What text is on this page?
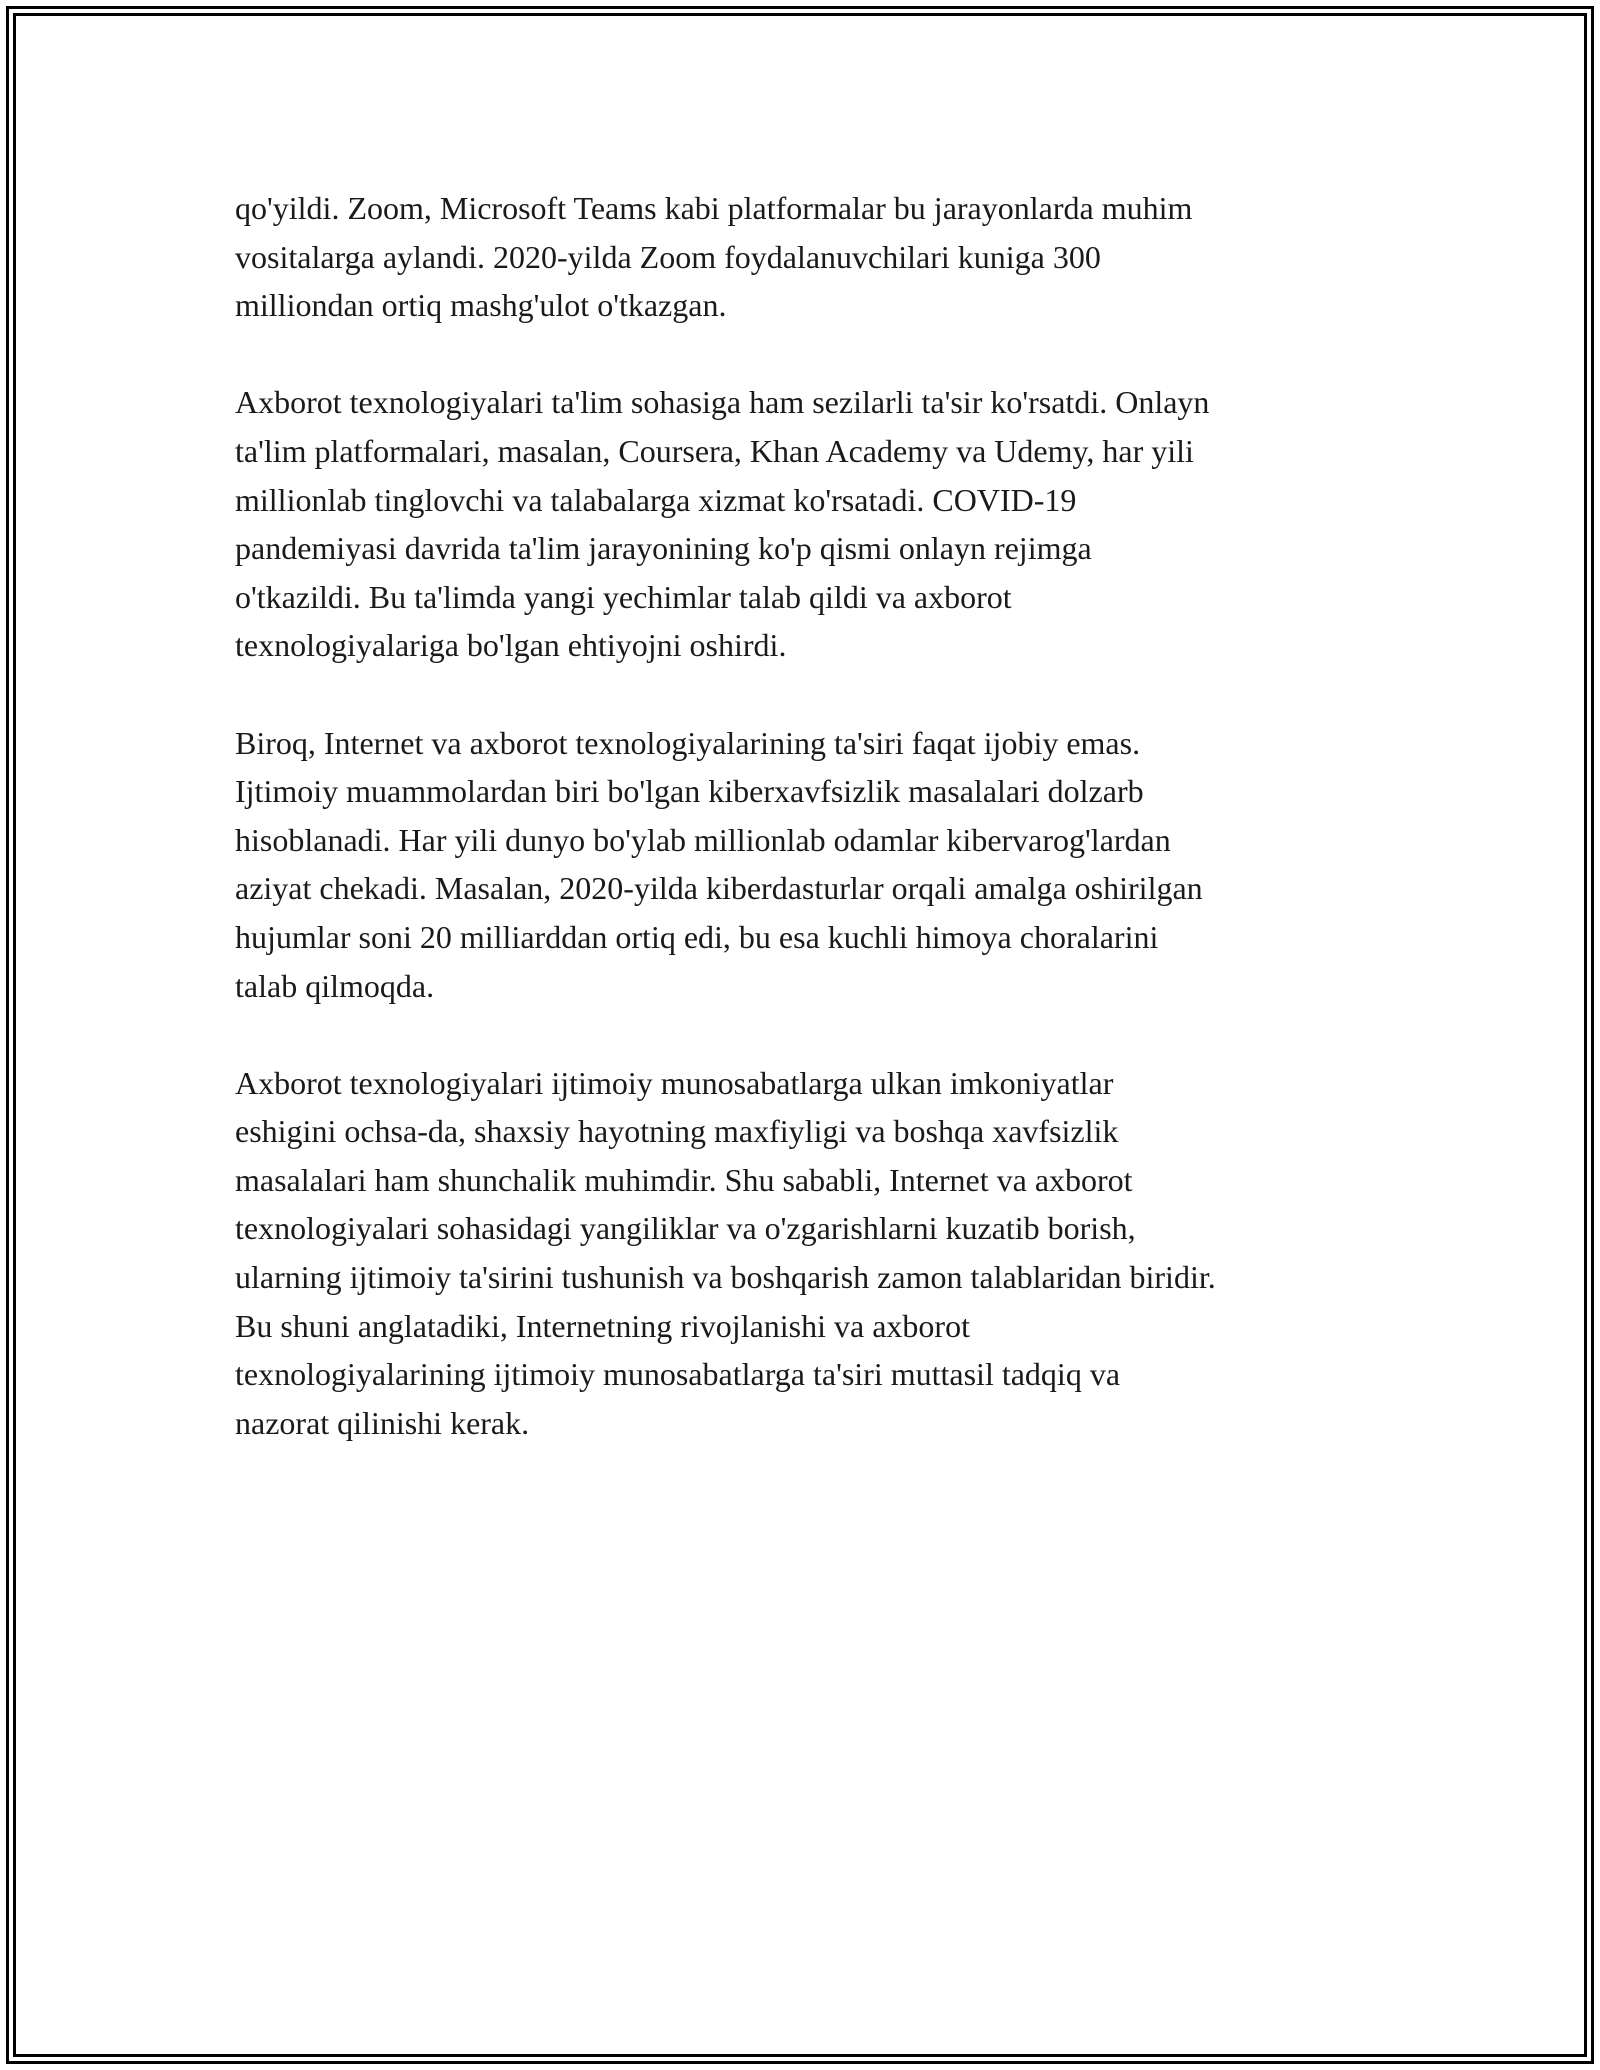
qo'yildi. Zoom, Microsoft Teams kabi platformalar bu jarayonlarda muhim
vositalarga aylandi. 2020-yilda Zoom foydalanuvchilari kuniga 300
milliondan ortiq mashg'ulot o'tkazgan.

Axborot texnologiyalari ta'lim sohasiga ham sezilarli ta'sir ko'rsatdi. Onlayn
ta'lim platformalari, masalan, Coursera, Khan Academy va Udemy, har yili
millionlab tinglovchi va talabalarga xizmat ko'rsatadi. COVID-19
pandemiyasi davrida ta'lim jarayonining ko'p qismi onlayn rejimga
o'tkazildi. Bu ta'limda yangi yechimlar talab qildi va axborot
texnologiyalariga bo'lgan ehtiyojni oshirdi.

Biroq, Internet va axborot texnologiyalarining ta'siri faqat ijobiy emas.
Ijtimoiy muammolardan biri bo'lgan kiberxavfsizlik masalalari dolzarb
hisoblanadi. Har yili dunyo bo'ylab millionlab odamlar kibervarog'lardan
aziyat chekadi. Masalan, 2020-yilda kiberdasturlar orqali amalga oshirilgan
hujumlar soni 20 milliarddan ortiq edi, bu esa kuchli himoya choralarini
talab qilmoqda.

Axborot texnologiyalari ijtimoiy munosabatlarga ulkan imkoniyatlar
eshigini ochsa-da, shaxsiy hayotning maxfiyligi va boshqa xavfsizlik
masalalari ham shunchalik muhimdir. Shu sababli, Internet va axborot
texnologiyalari sohasidagi yangiliklar va o'zgarishlarni kuzatib borish,
ularning ijtimoiy ta'sirini tushunish va boshqarish zamon talablaridan biridir.
Bu shuni anglatadiki, Internetning rivojlanishi va axborot
texnologiyalarining ijtimoiy munosabatlarga ta'siri muttasil tadqiq va
nazorat qilinishi kerak.
